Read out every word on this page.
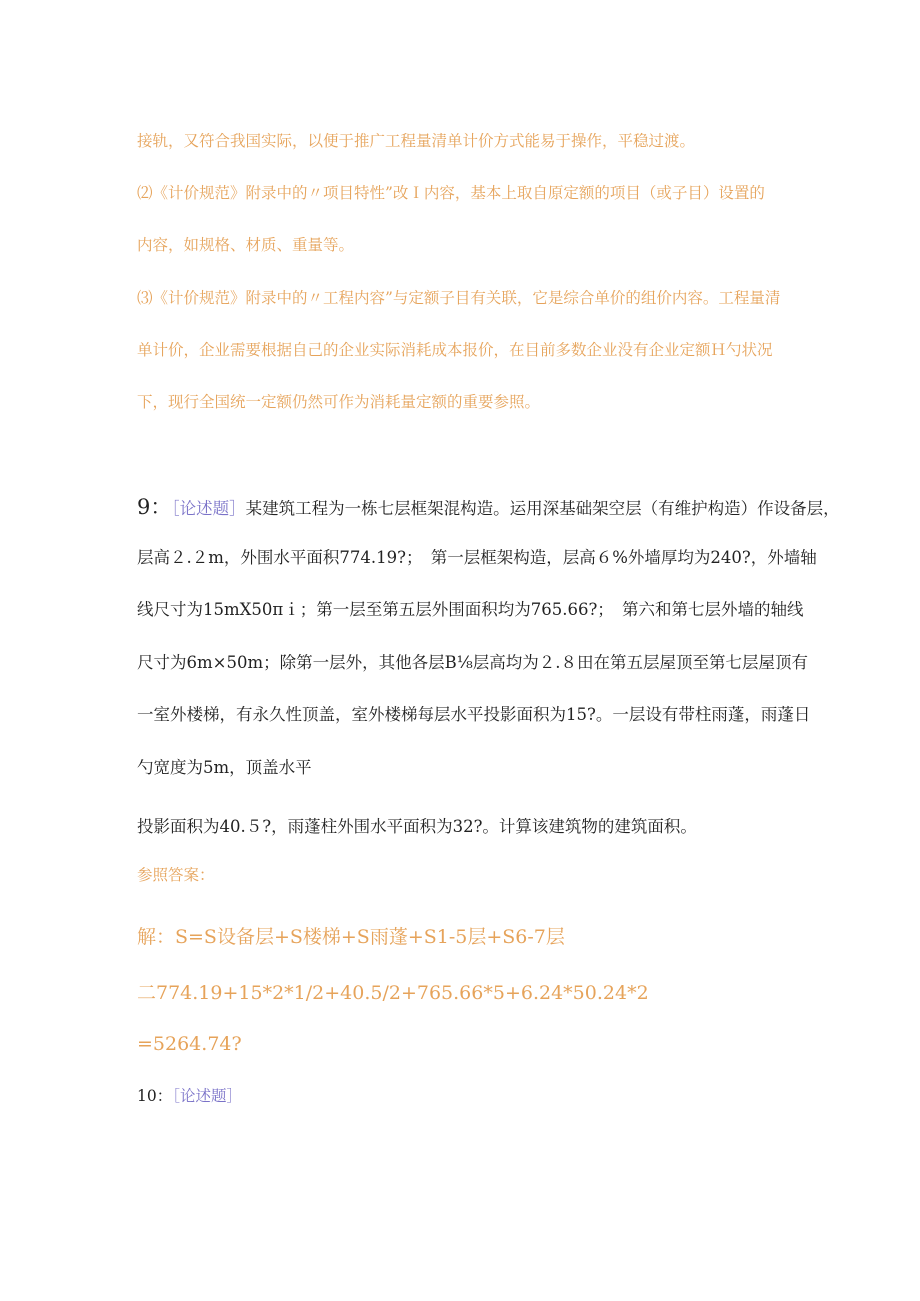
接轨，又符合我国实际，以便于推广工程量清单计价方式能易于操作，平稳过渡。

⑵《计价规范》附录中的〃项目特性”改Ｉ内容，基本上取自原定额的项目（或子目）设置的

内容，如规格、材质、重量等。

⑶《计价规范》附录中的〃工程内容”与定额子目有关联，它是综合单价的组价内容。工程量清

单计价，企业需要根据自己的企业实际消耗成本报价，在目前多数企业没有企业定额Ｈ勺状况

下，现行全国统一定额仍然可作为消耗量定额的重要参照。

9：［论述题］某建筑工程为一栋七层框架混构造。运用深基础架空层（有维护构造）作设备层，

层高２.２m，外围水平面积774.19?；　第一层框架构造，层高６%外墙厚均为240?，外墙轴

线尺寸为15mX50πｉ；第一层至第五层外围面积均为765.66?；　第六和第七层外墙的轴线

尺寸为6m×50m；除第一层外，其他各层B⅛层高均为２.８田在第五层屋顶至第七层屋顶有

一室外楼梯，有永久性顶盖，室外楼梯每层水平投影面积为15?。一层设有带柱雨蓬，雨蓬日

勺宽度为5m，顶盖水平

投影面积为40.５?，雨蓬柱外围水平面积为32?。计算该建筑物的建筑面积。

参照答案：

解：S=S设备层+S楼梯+S雨蓬+S1-5层+S6-7层

二774.19+15*2*1/2+40.5/2+765.66*5+6.24*50.24*2

=5264.74?

10：［论述题］
